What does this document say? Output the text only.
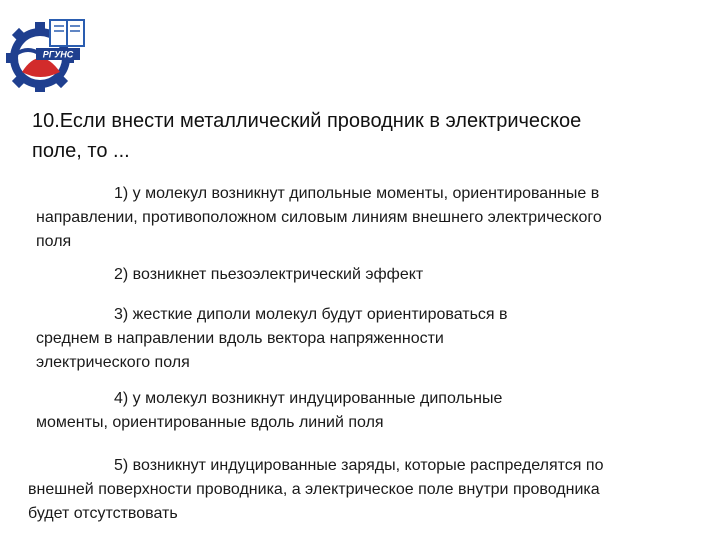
РГУНС
10.Если внести металлический проводник в электрическое
поле, то ...
1) у молекул возникнут дипольные моменты, ориентированные в
направлении, противоположном силовым линиям внешнего электрического
поля
2) возникнет пьезоэлектрический эффект
3) жесткие диполи молекул будут ориентироваться в
среднем в направлении вдоль вектора напряженности
электрического поля
4) у молекул возникнут индуцированные дипольные
моменты, ориентированные вдоль линий поля
5) возникнут индуцированные заряды, которые распределятся по
внешней поверхности проводника, а электрическое поле внутри проводника
будет отсутствовать
